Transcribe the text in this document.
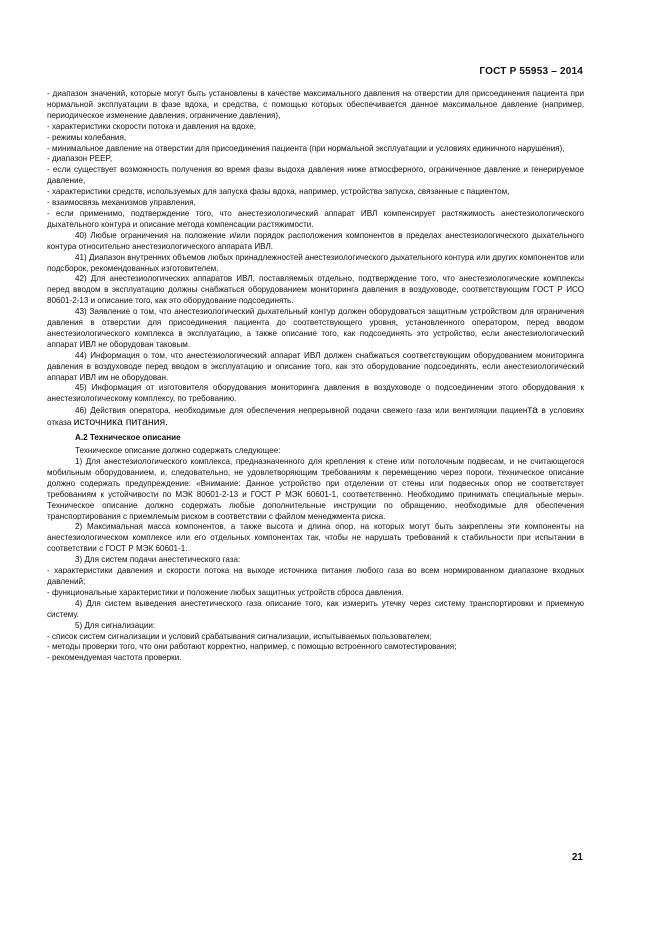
ГОСТ Р 55953 – 2014

- диапазон значений, которые могут быть установлены в качестве максимального давления на отверстии для присоединения пациента при нормальной эксплуатации в фазе вдоха, и средства, с помощью которых обеспечивается данное максимальное давление (например, периодическое изменение давления, ограничение давления),

- характеристики скорости потока и давления на вдохе,

- режимы колебания,

- минимальное давление на отверстии для присоединения пациента (при нормальной эксплуатации и условиях единичного нарушения),

- диапазон PEEP,

- если существует возможность получения во время фазы выдоха давления ниже атмосферного, ограниченное давление и генерируемое давление,

- характеристики средств, используемых для запуска фазы вдоха, например, устройства запуска, связанные с пациентом,

- взаимосвязь механизмов управления,

- если применимо, подтверждение того, что анестезиологический аппарат ИВЛ компенсирует растяжимость анестезиологического дыхательного контура и описание метода компенсации растяжимости.

40) Любые ограничения на положение и/или порядок расположения компонентов в пределах анестезиологического дыхательного контура относительно анестезиологического аппарата ИВЛ.

41) Диапазон внутренних объемов любых принадлежностей анестезиологического дыхательного контура или других компонентов или подсборок, рекомендованных изготовителем.

42) Для анестезиологических аппаратов ИВЛ, поставляемых отдельно, подтверждение того, что анестезиологические комплексы перед вводом в эксплуатацию должны снабжаться оборудованием мониторинга давления в воздуховоде, соответствующим ГОСТ Р ИСО 80601-2-13 и описание того, как это оборудование подсоединять.

43) Заявление о том, что анестезиологический дыхательный контур должен оборудоваться защитным устройством для ограничения давления в отверстии для присоединения пациента до соответствующего уровня, установленного оператором, перед вводом анестезиологического комплекса в эксплуатацию, а также описание того, как подсоединять это устройство, если анестезиологический аппарат ИВЛ не оборудован таковым.

44) Информация о том, что анестезиологический аппарат ИВЛ должен снабжаться соответствующим оборудованием мониторинга давления в воздуховоде перед вводом в эксплуатацию и описание того, как это оборудование подсоединять, если анестезиологический аппарат ИВЛ им не оборудован.

45) Информация от изготовителя оборудования мониторинга давления в воздуховоде о подсоединении этого оборудования к анестезиологическому комплексу, по требованию.

46) Действия оператора, необходимые для обеспечения непрерывной подачи свежего газа или вентиляции пациента в условиях отказа источника питания.

А.2 Техническое описание

Техническое описание должно содержать следующее:

1) Для анестезиологического комплекса, предназначенного для крепления к стене или потолочным подвесам, и не считающегося мобильным оборудованием, и, следовательно, не удовлетворяющим требованиям к перемещению через пороги, техническое описание должно содержать предупреждение: «Внимание: Данное устройство при отделении от стены или подвесных опор не соответствует требованиям к устойчивости по МЭК 80601-2-13 и ГОСТ Р МЭК 60601-1, соответственно. Необходимо принимать специальные меры». Техническое описание должно содержать любые дополнительные инструкции по обращению, необходимые для обеспечения транспортирования с приемлемым риском в соответствии с файлом менеджмента риска.

2) Максимальная масса компонентов, а также высота и длина опор, на которых могут быть закреплены эти компоненты на анестезиологическом комплексе или его отдельных компонентах так, чтобы не нарушать требований к стабильности при испытании в соответствии с ГОСТ Р МЭК 60601-1.

3) Для систем подачи анестетического газа:

- характеристики давления и скорости потока на выходе источника питания любого газа во всем нормированном диапазоне входных давлений;

- функциональные характеристики и положение любых защитных устройств сброса давления.

4) Для систем выведения анестетического газа описание того, как измерить утечку через систему транспортировки и приемную систему.

5) Для сигнализации:

- список систем сигнализации и условий срабатывания сигнализации, испытываемых пользователем;

- методы проверки того, что они работают корректно, например, с помощью встроенного самотестирования;

- рекомендуемая частота проверки.

21
